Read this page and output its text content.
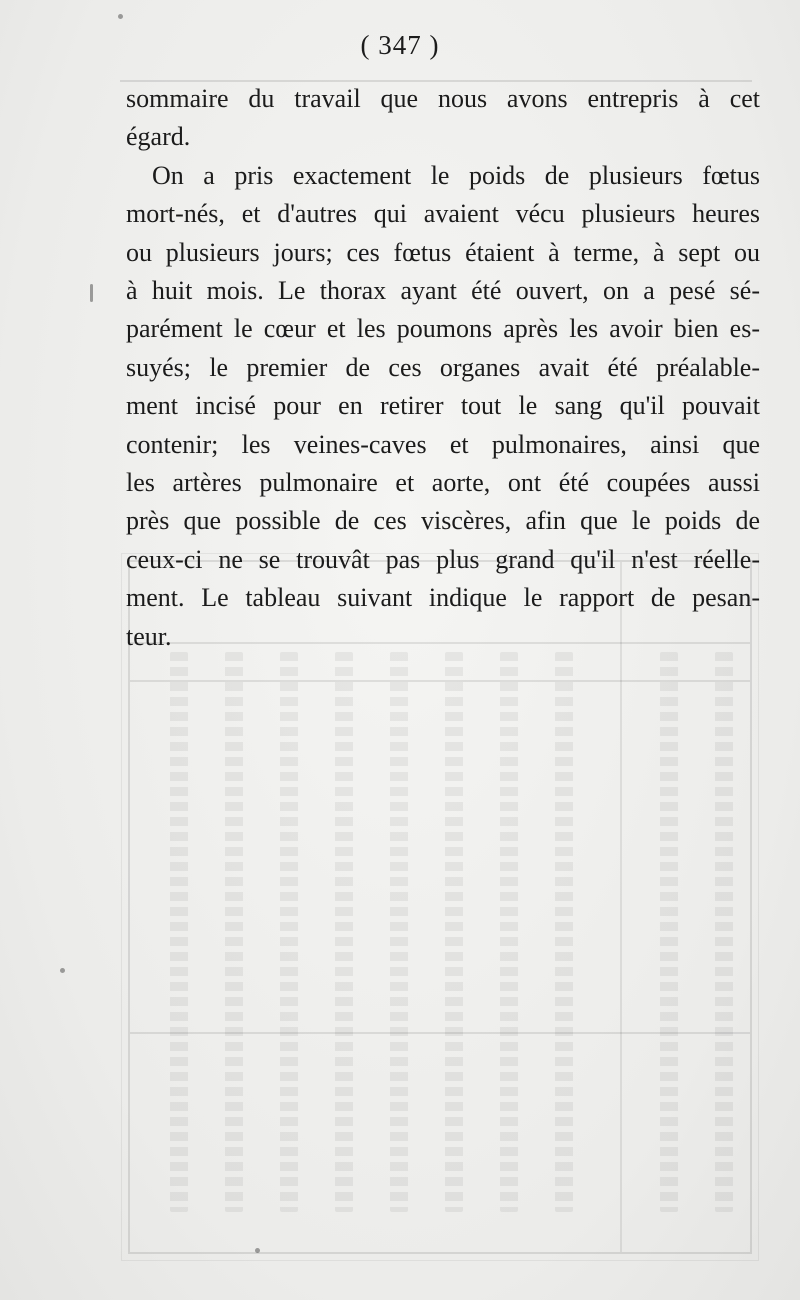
( 347 )

sommaire du travail que nous avons entrepris à cet
égard.

On a pris exactement le poids de plusieurs fœtus
mort-nés, et d'autres qui avaient vécu plusieurs heures
ou plusieurs jours; ces fœtus étaient à terme, à sept ou
à huit mois. Le thorax ayant été ouvert, on a pesé sé-
parément le cœur et les poumons après les avoir bien es-
suyés; le premier de ces organes avait été préalable-
ment incisé pour en retirer tout le sang qu'il pouvait
contenir; les veines-caves et pulmonaires, ainsi que
les artères pulmonaire et aorte, ont été coupées aussi
près que possible de ces viscères, afin que le poids de
ceux-ci ne se trouvât pas plus grand qu'il n'est réelle-
ment. Le tableau suivant indique le rapport de pesan-
teur.
